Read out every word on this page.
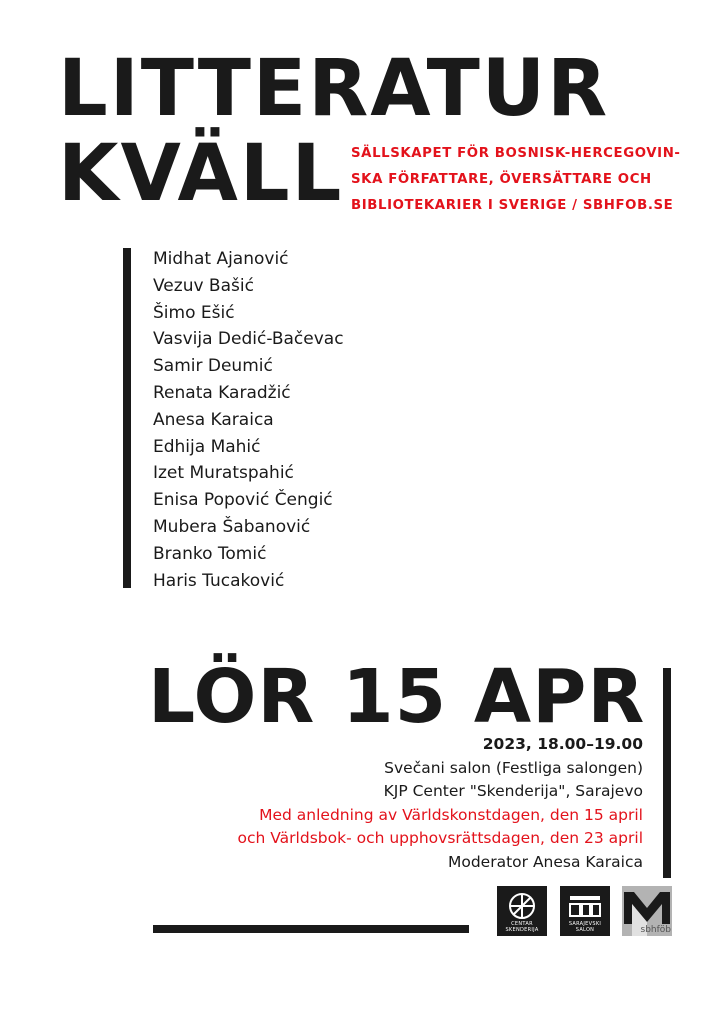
LITTERATUR
KVÄLL SÄLLSKAPET FÖR BOSNISK-HERCEGOVIN-
SKA FÖRFATTARE, ÖVERSÄTTARE OCH
BIBLIOTEKARIER I SVERIGE / SBHFOB.SE
Midhat Ajanović
Vezuv Bašić
Šimo Ešić
Vasvija Dedić-Bačevac
Samir Deumić
Renata Karadžić
Anesa Karaica
Edhija Mahić
Izet Muratspahić
Enisa Popović Čengić
Mubera Šabanović
Branko Tomić
Haris Tucaković
LÖR 15 APR
2023, 18.00–19.00
Svečani salon (Festliga salongen)
KJP Center "Skenderija", Sarajevo
Med anledning av Världskonstdagen, den 15 april
och Världsbok- och upphovsrättsdagen, den 23 april
Moderator Anesa Karaica
CENTAR SKENDERIJA
SARAJEVSKI SALON	sbhföb
